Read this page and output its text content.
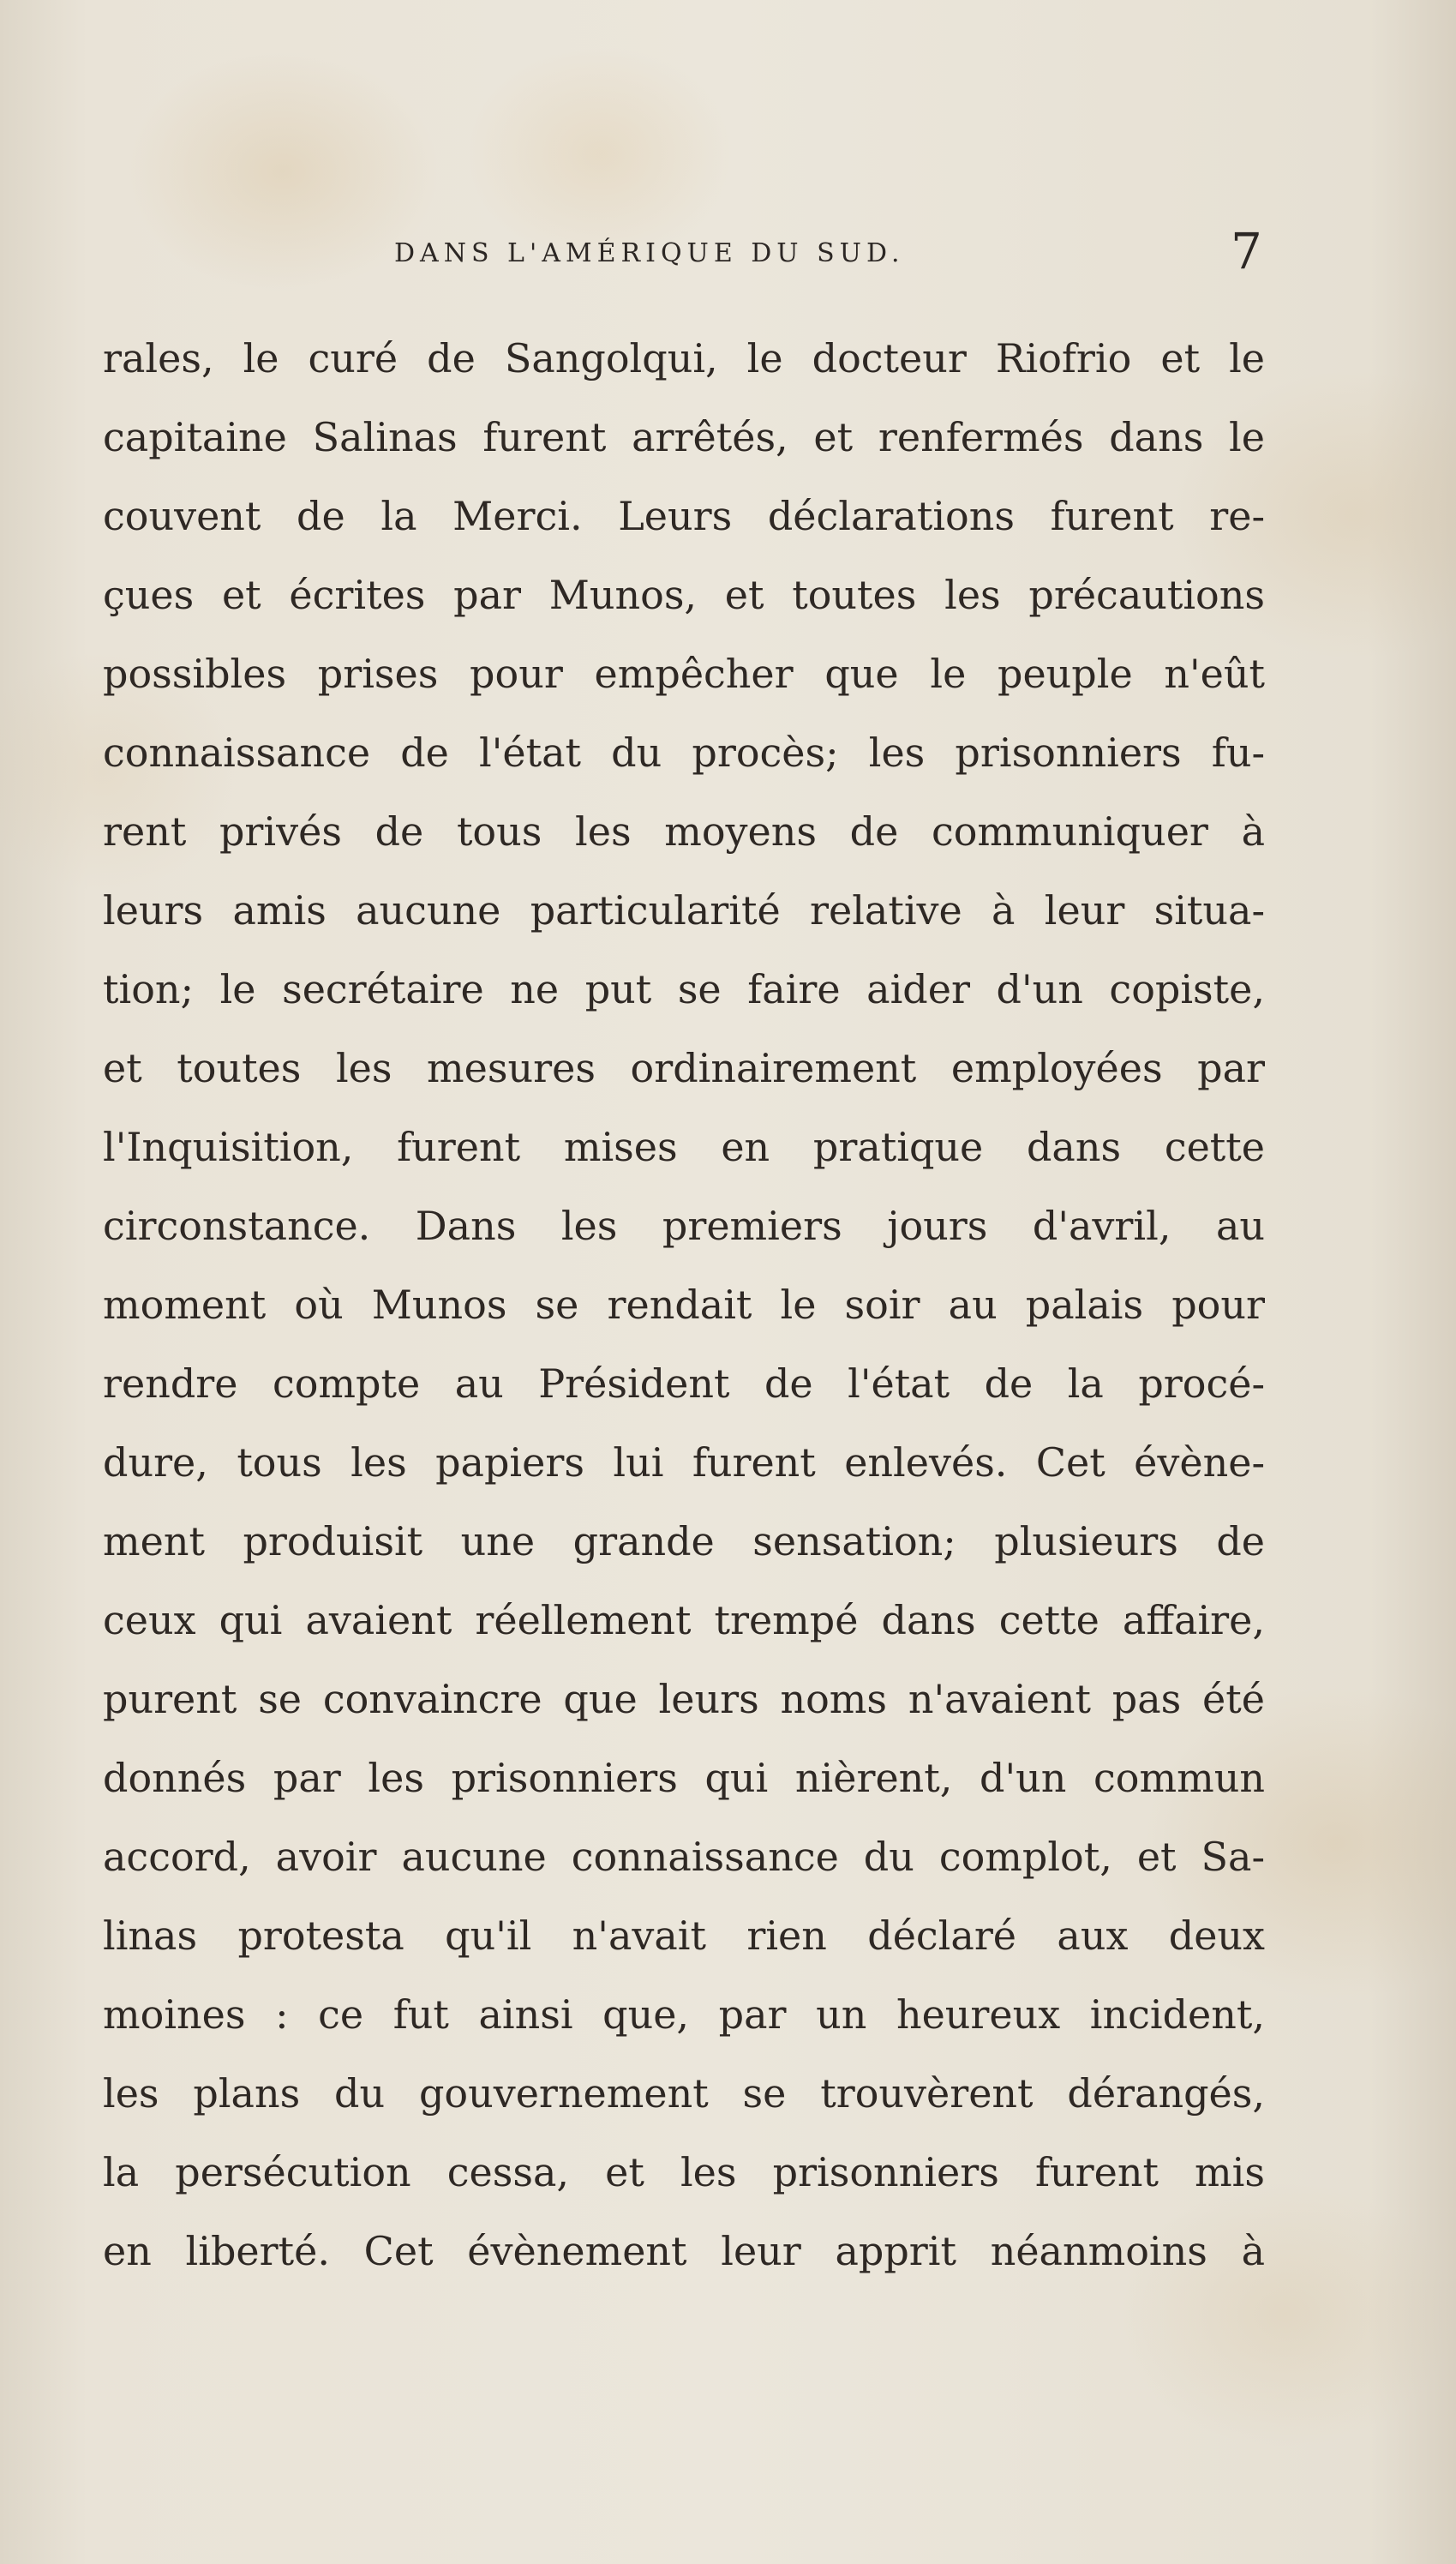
DANS L'AMÉRIQUE DU SUD.	7
rales, le curé de Sangolqui, le docteur Riofrio et le
capitaine Salinas furent arrêtés, et renfermés dans le
couvent de la Merci. Leurs déclarations furent re-
çues et écrites par Munos, et toutes les précautions
possibles prises pour empêcher que le peuple n'eût
connaissance de l'état du procès; les prisonniers fu-
rent privés de tous les moyens de communiquer à
leurs amis aucune particularité relative à leur situa-
tion; le secrétaire ne put se faire aider d'un copiste,
et toutes les mesures ordinairement employées par
l'Inquisition, furent mises en pratique dans cette
circonstance. Dans les premiers jours d'avril, au
moment où Munos se rendait le soir au palais pour
rendre compte au Président de l'état de la procé-
dure, tous les papiers lui furent enlevés. Cet évène-
ment produisit une grande sensation; plusieurs de
ceux qui avaient réellement trempé dans cette affaire,
purent se convaincre que leurs noms n'avaient pas été
donnés par les prisonniers qui nièrent, d'un commun
accord, avoir aucune connaissance du complot, et Sa-
linas protesta qu'il n'avait rien déclaré aux deux
moines : ce fut ainsi que, par un heureux incident,
les plans du gouvernement se trouvèrent dérangés,
la persécution cessa, et les prisonniers furent mis
en liberté. Cet évènement leur apprit néanmoins à
